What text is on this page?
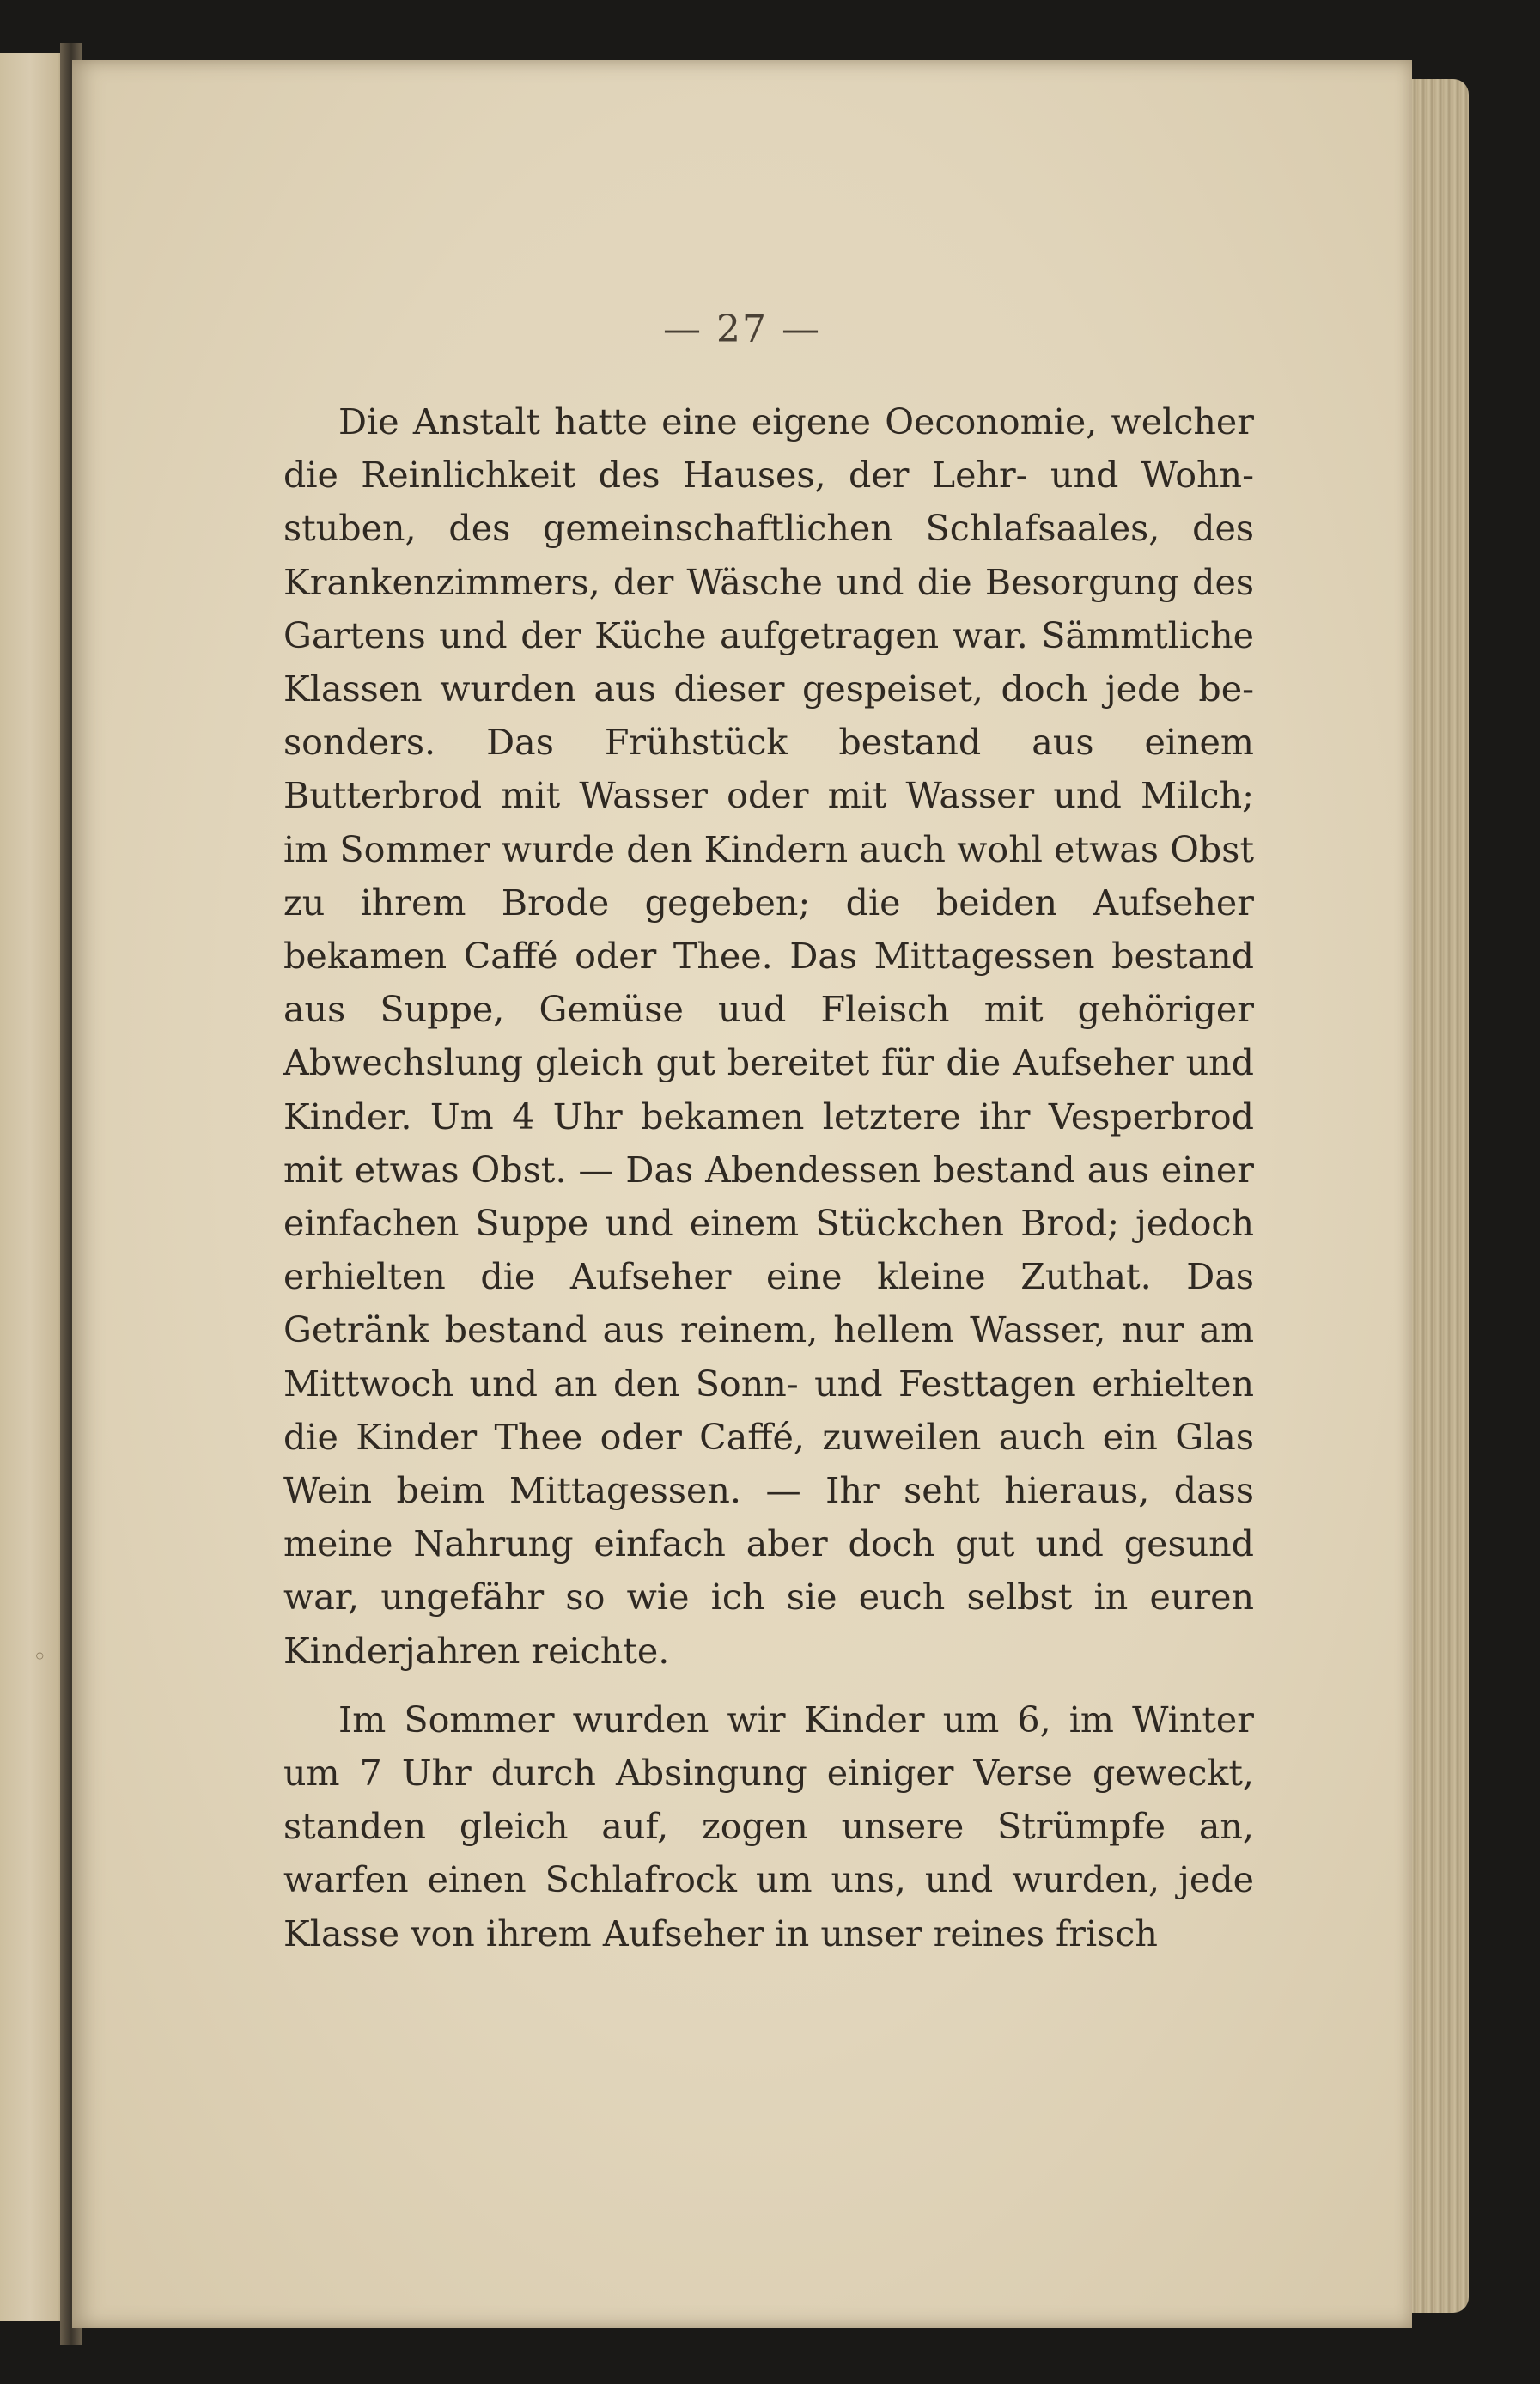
— 27 —

Die Anstalt hatte eine eigene Oeconomie, welcher die Reinlichkeit des Hauses, der Lehr- und Wohnstuben, des gemeinschaftlichen Schlafsaales, des Krankenzimmers, der Wäsche und die Besorgung des Gartens und der Küche aufgetragen war. Sämmtliche Klassen wurden aus dieser gespeiset, doch jede besonders. Das Frühstück bestand aus einem Butterbrod mit Wasser oder mit Wasser und Milch; im Sommer wurde den Kindern auch wohl etwas Obst zu ihrem Brode gegeben; die beiden Aufseher bekamen Caffé oder Thee. Das Mittagessen bestand aus Suppe, Gemüse uud Fleisch mit gehöriger Abwechslung gleich gut bereitet für die Aufseher und Kinder. Um 4 Uhr bekamen letztere ihr Vesperbrod mit etwas Obst. — Das Abendessen bestand aus einer einfachen Suppe und einem Stückchen Brod; jedoch erhielten die Aufseher eine kleine Zuthat. Das Getränk bestand aus reinem, hellem Wasser, nur am Mittwoch und an den Sonn- und Festtagen erhielten die Kinder Thee oder Caffé, zuweilen auch ein Glas Wein beim Mittagessen. — Ihr seht hieraus, dass meine Nahrung einfach aber doch gut und gesund war, ungefähr so wie ich sie euch selbst in euren Kinderjahren reichte.

Im Sommer wurden wir Kinder um 6, im Winter um 7 Uhr durch Absingung einiger Verse geweckt, standen gleich auf, zogen unsere Strümpfe an, warfen einen Schlafrock um uns, und wurden, jede Klasse von ihrem Aufseher in unser reines frisch

◦
